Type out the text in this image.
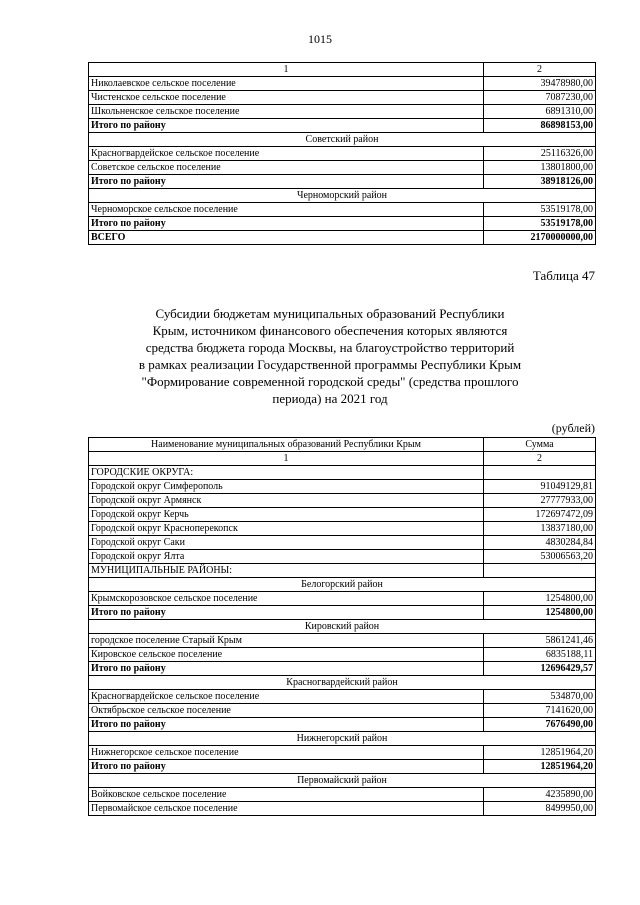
1015
1	2
Николаевское сельское поселение	39478980,00
Чистенское сельское поселение	7087230,00
Школьненское сельское поселение	6891310,00
Итого по району	86898153,00
Советский район	
Красногвардейское сельское поселение	25116326,00
Советское сельское поселение	13801800,00
Итого по району	38918126,00
Черноморский район	
Черноморское сельское поселение	53519178,00
Итого по району	53519178,00
ВСЕГО	2170000000,00
Таблица 47
Субсидии бюджетам муниципальных образований Республики
Крым, источником финансового обеспечения которых являются
средства бюджета города Москвы, на благоустройство территорий
в рамках реализации Государственной программы Республики Крым
"Формирование современной городской среды" (средства прошлого
периода) на 2021 год
(рублей)
Наименование муниципальных образований Республики Крым	Сумма
1	2
ГОРОДСКИЕ ОКРУГА:	
Городской округ Симферополь	91049129,81
Городской округ Армянск	27777933,00
Городской округ Керчь	172697472,09
Городской округ Красноперекопск	13837180,00
Городской округ Саки	4830284,84
Городской округ Ялта	53006563,20
МУНИЦИПАЛЬНЫЕ РАЙОНЫ:	
Белогорский район	
Крымскорозовское сельское поселение	1254800,00
Итого по району	1254800,00
Кировский район	
городское поселение Старый Крым	5861241,46
Кировское сельское поселение	6835188,11
Итого по району	12696429,57
Красногвардейский район	
Красногвардейское сельское поселение	534870,00
Октябрьское сельское поселение	7141620,00
Итого по району	7676490,00
Нижнегорский район	
Нижнегорское сельское поселение	12851964,20
Итого по району	12851964,20
Первомайский район	
Войковское сельское поселение	4235890,00
Первомайское сельское поселение	8499950,00
